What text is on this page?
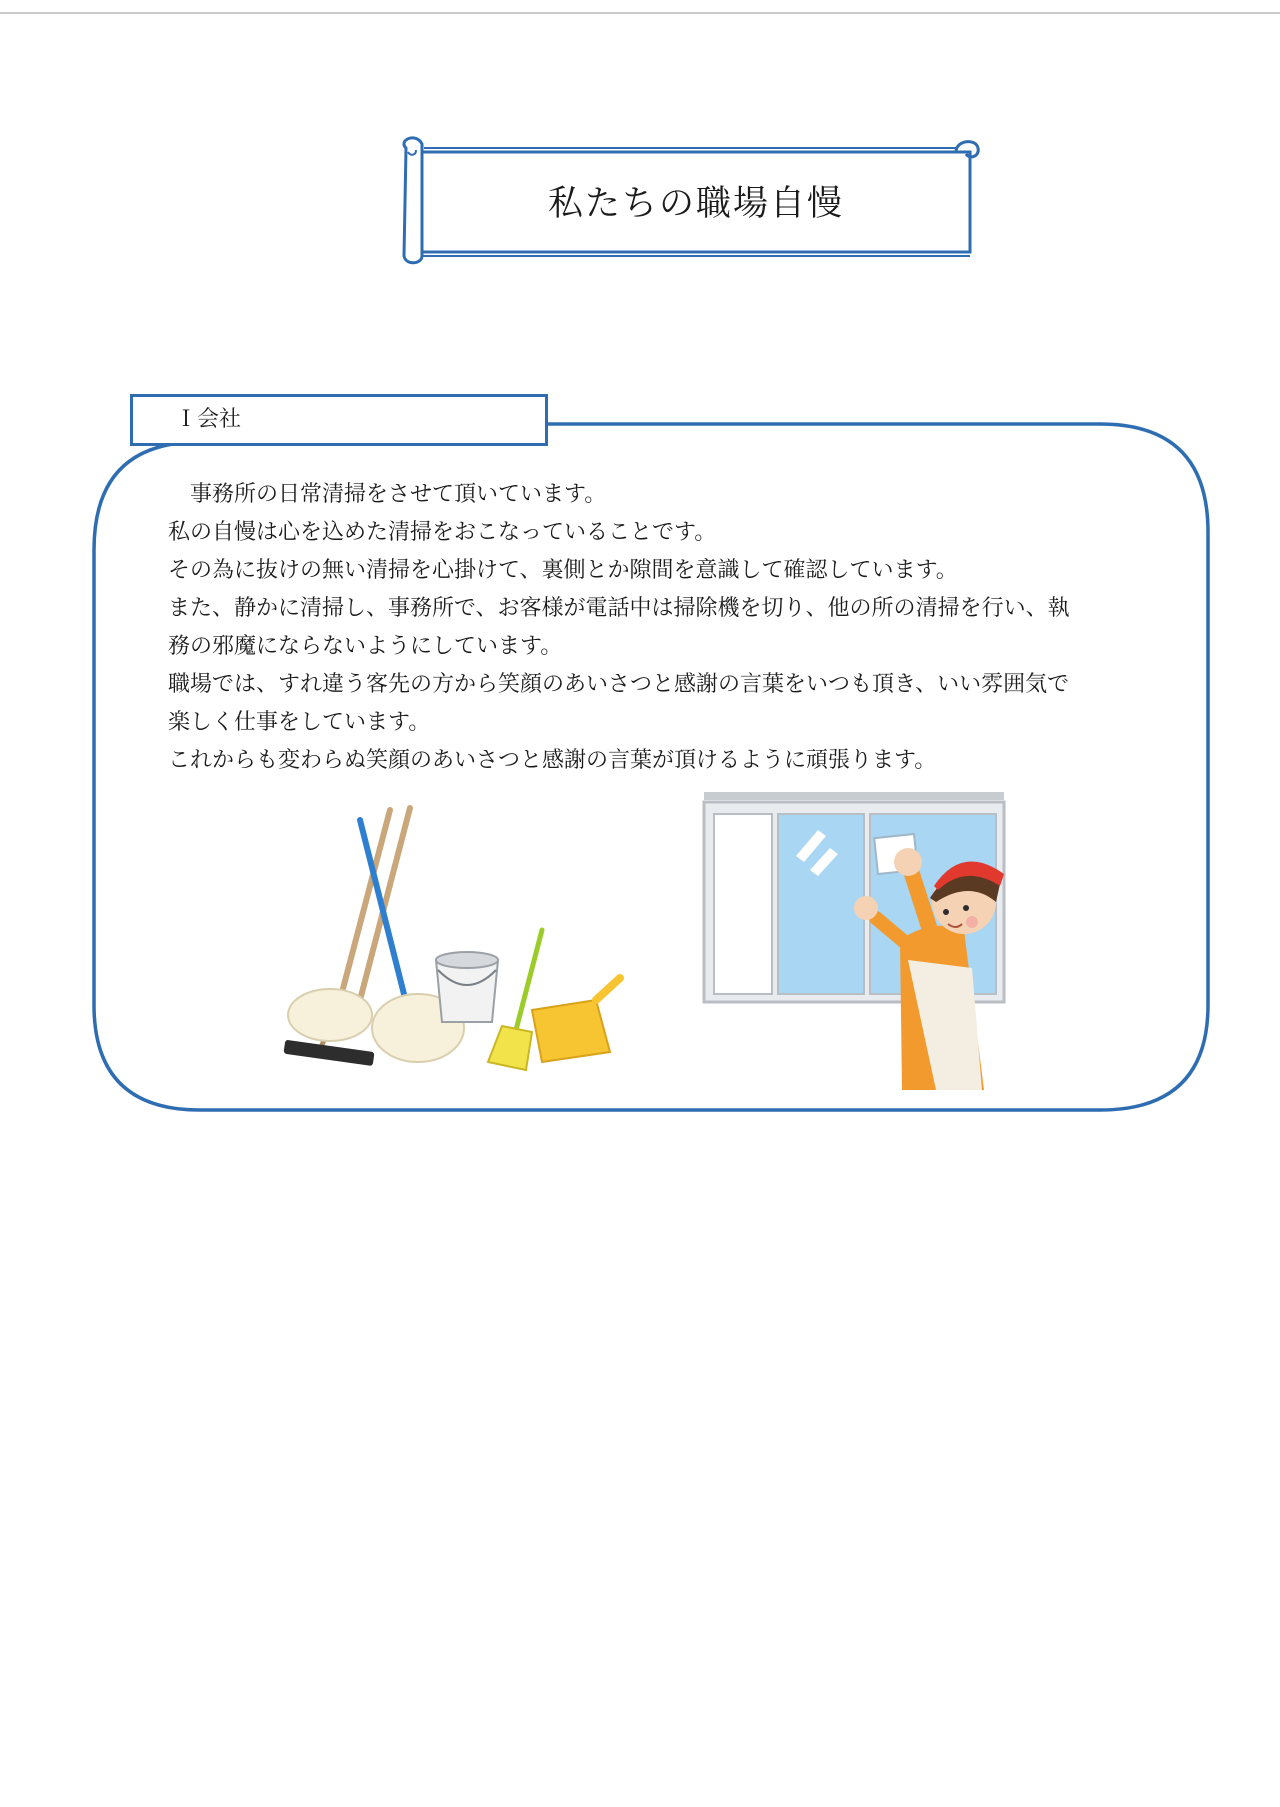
私たちの職場自慢
Ｉ会社
　事務所の日常清掃をさせて頂いています。
私の自慢は心を込めた清掃をおこなっていることです。
その為に抜けの無い清掃を心掛けて、裏側とか隙間を意識して確認しています。
また、静かに清掃し、事務所で、お客様が電話中は掃除機を切り、他の所の清掃を行い、執
務の邪魔にならないようにしています。
職場では、すれ違う客先の方から笑顔のあいさつと感謝の言葉をいつも頂き、いい雰囲気で
楽しく仕事をしています。
これからも変わらぬ笑顔のあいさつと感謝の言葉が頂けるように頑張ります。
